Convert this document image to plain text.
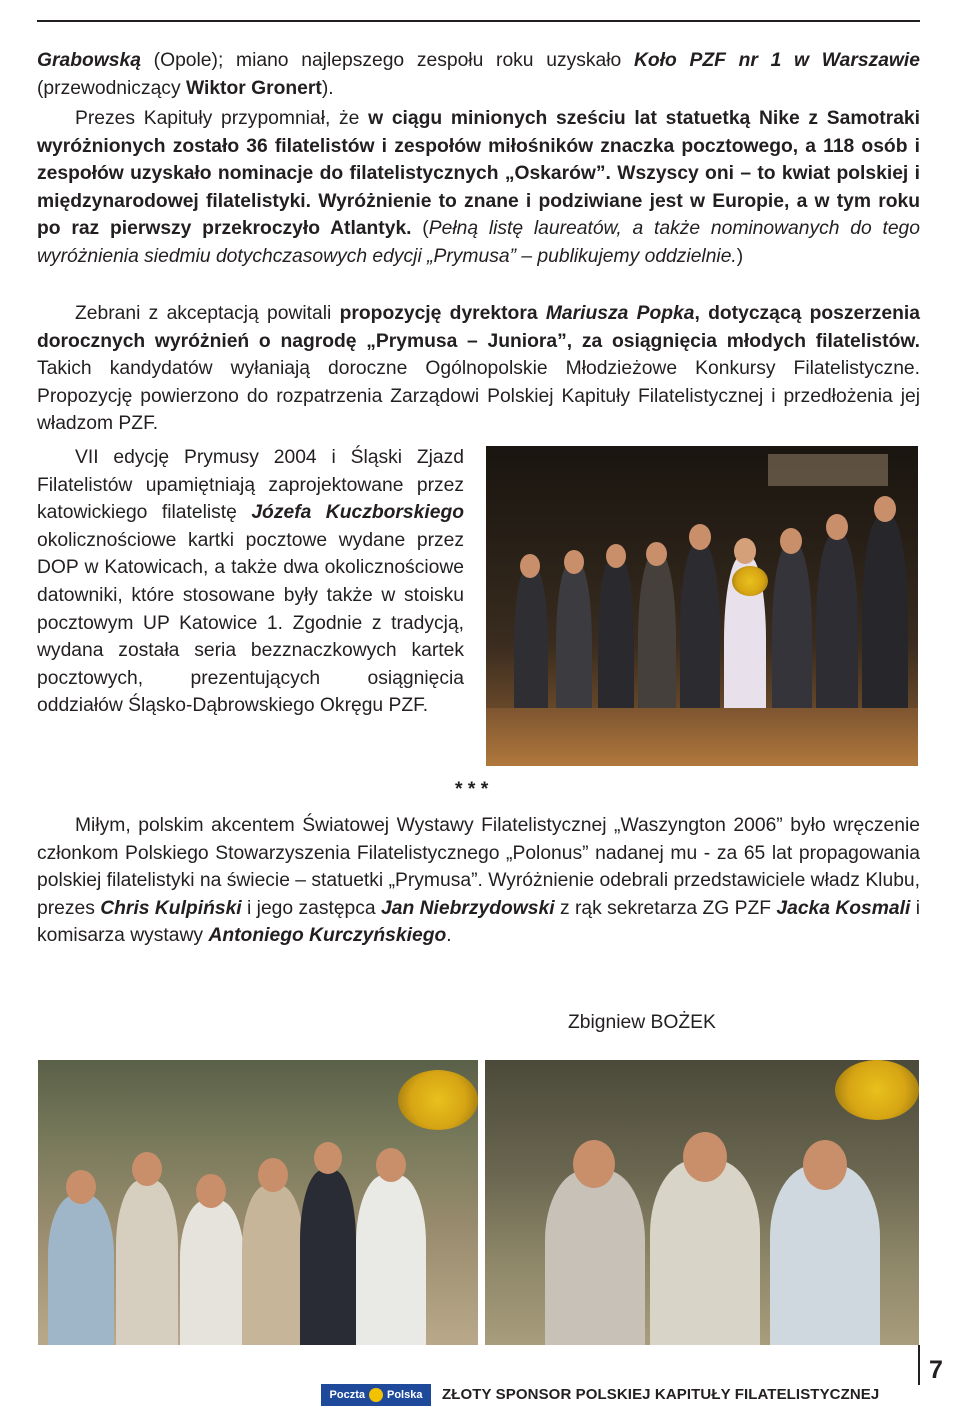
Grabowską (Opole); miano najlepszego zespołu roku uzyskało Koło PZF nr 1 w Warszawie (przewodniczący Wiktor Gronert).

Prezes Kapituły przypomniał, że w ciągu minionych sześciu lat statuetką Nike z Samotraki wyróżnionych zostało 36 filatelistów i zespołów miłośników znaczka pocztowego, a 118 osób i zespołów uzyskało nominacje do filatelistycznych „Oskarów”. Wszyscy oni – to kwiat polskiej i międzynarodowej filatelistyki. Wyróżnienie to znane i podziwiane jest w Europie, a w tym roku po raz pierwszy przekroczyło Atlantyk. (Pełną listę laureatów, a także nominowanych do tego wyróżnienia siedmiu dotychczasowych edycji „Prymusa” – publikujemy oddzielnie.)

Zebrani z akceptacją powitali propozycję dyrektora Mariusza Popka, dotyczącą poszerzenia dorocznych wyróżnień o nagrodę „Prymusa – Juniora”, za osiągnięcia młodych filatelistów. Takich kandydatów wyłaniają doroczne Ogólnopolskie Młodzieżowe Konkursy Filatelistyczne. Propozycję powierzono do rozpatrzenia Zarządowi Polskiej Kapituły Filatelistycznej i przedłożenia jej władzom PZF.

VII edycję Prymusy 2004 i Śląski Zjazd Filatelistów upamiętniają zaprojektowane przez katowickiego filatelistę Józefa Kuczborskiego okolicznościowe kartki pocztowe wydane przez DOP w Katowicach, a także dwa okolicznościowe datowniki, które stosowane były także w stoisku pocztowym UP Katowice 1. Zgodnie z tradycją, wydana została seria bezznaczkowych kartek pocztowych, prezentujących osiągnięcia oddziałów Śląsko-Dąbrowskiego Okręgu PZF.

* * *

Miłym, polskim akcentem Światowej Wystawy Filatelistycznej „Waszyngton 2006” było wręczenie członkom Polskiego Stowarzyszenia Filatelistycznego „Polonus” nadanej mu - za 65 lat propagowania polskiej filatelistyki na świecie – statuetki „Prymusa”. Wyróżnienie odebrali przedstawiciele władz Klubu, prezes Chris Kulpiński i jego zastępca Jan Niebrzydowski z rąk sekretarza ZG PZF Jacka Kosmali i komisarza wystawy Antoniego Kurczyńskiego.

Zbigniew BOŻEK
7
Poczta Polska ZŁOTY SPONSOR POLSKIEJ KAPITUŁY FILATELISTYCZNEJ
